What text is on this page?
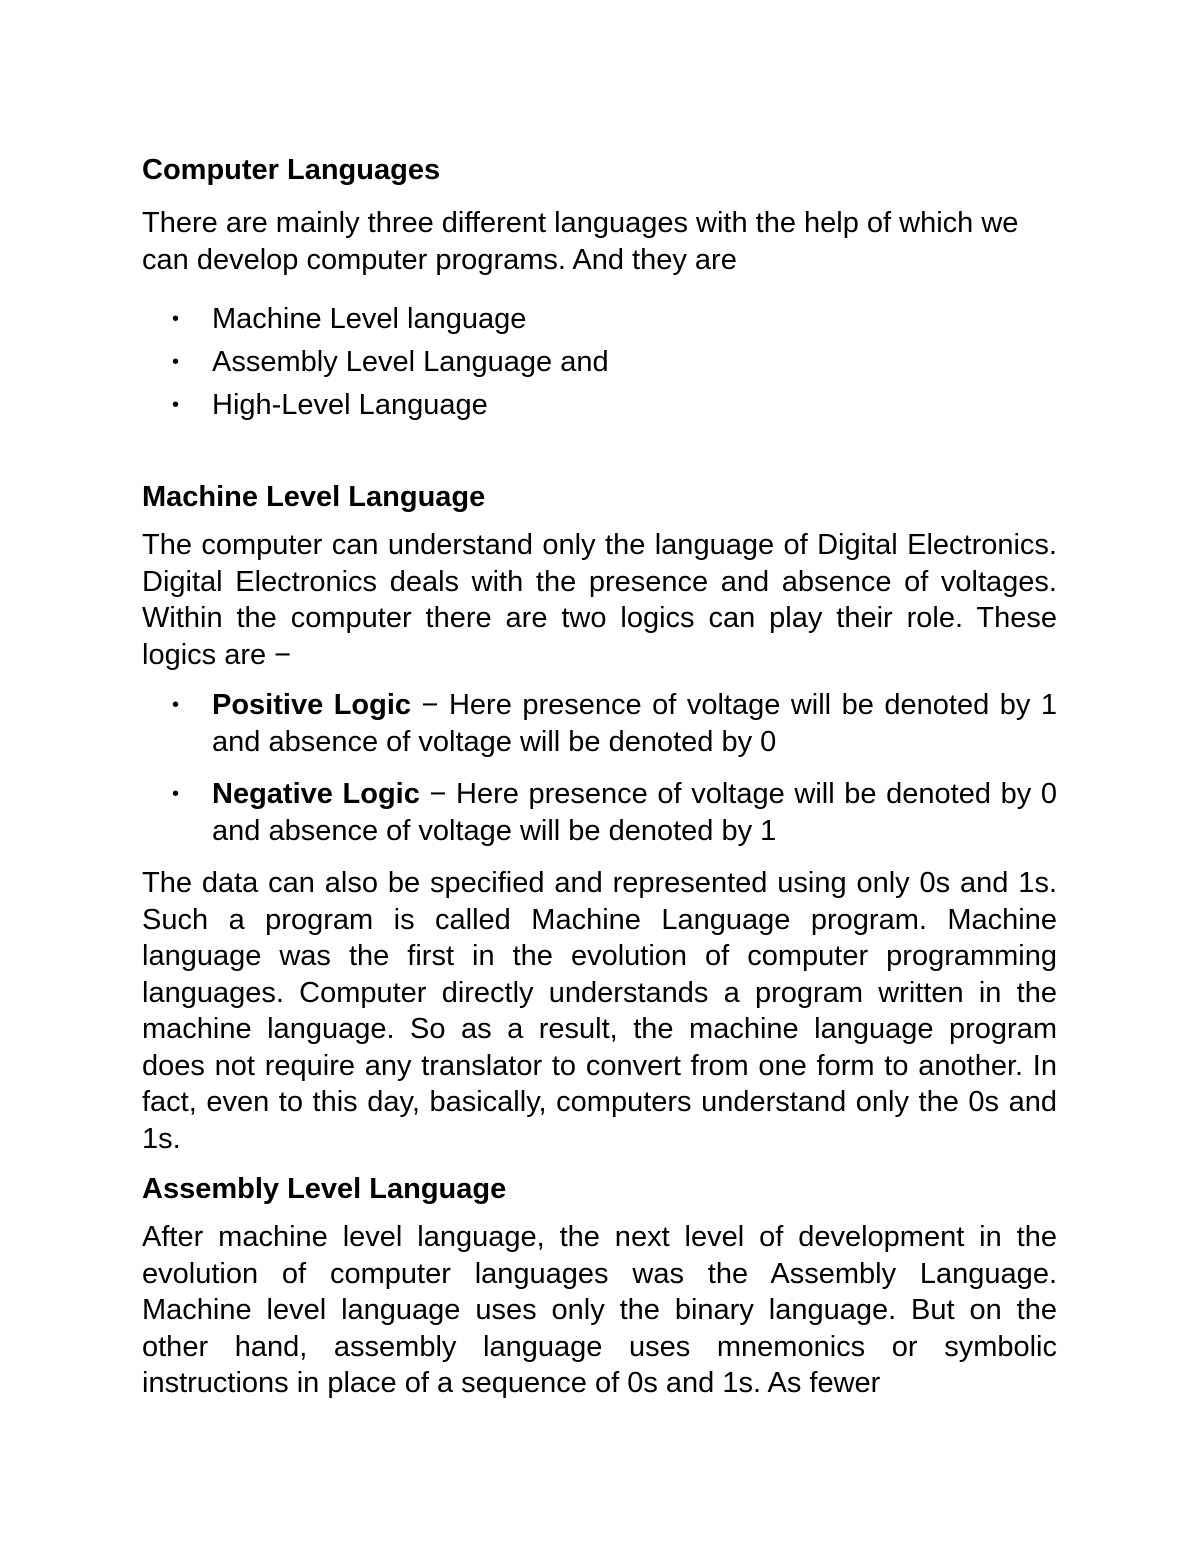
Computer Languages

There are mainly three different languages with the help of which we can develop computer programs. And they are

• Machine Level language
• Assembly Level Language and
• High-Level Language
Machine Level Language

The computer can understand only the language of Digital Electronics. Digital Electronics deals with the presence and absence of voltages. Within the computer there are two logics can play their role. These logics are −

• Positive Logic − Here presence of voltage will be denoted by 1 and absence of voltage will be denoted by 0
• Negative Logic − Here presence of voltage will be denoted by 0 and absence of voltage will be denoted by 1

The data can also be specified and represented using only 0s and 1s. Such a program is called Machine Language program. Machine language was the first in the evolution of computer programming languages. Computer directly understands a program written in the machine language. So as a result, the machine language program does not require any translator to convert from one form to another. In fact, even to this day, basically, computers understand only the 0s and 1s.

Assembly Level Language

After machine level language, the next level of development in the evolution of computer languages was the Assembly Language. Machine level language uses only the binary language. But on the other hand, assembly language uses mnemonics or symbolic instructions in place of a sequence of 0s and 1s. As fewer
